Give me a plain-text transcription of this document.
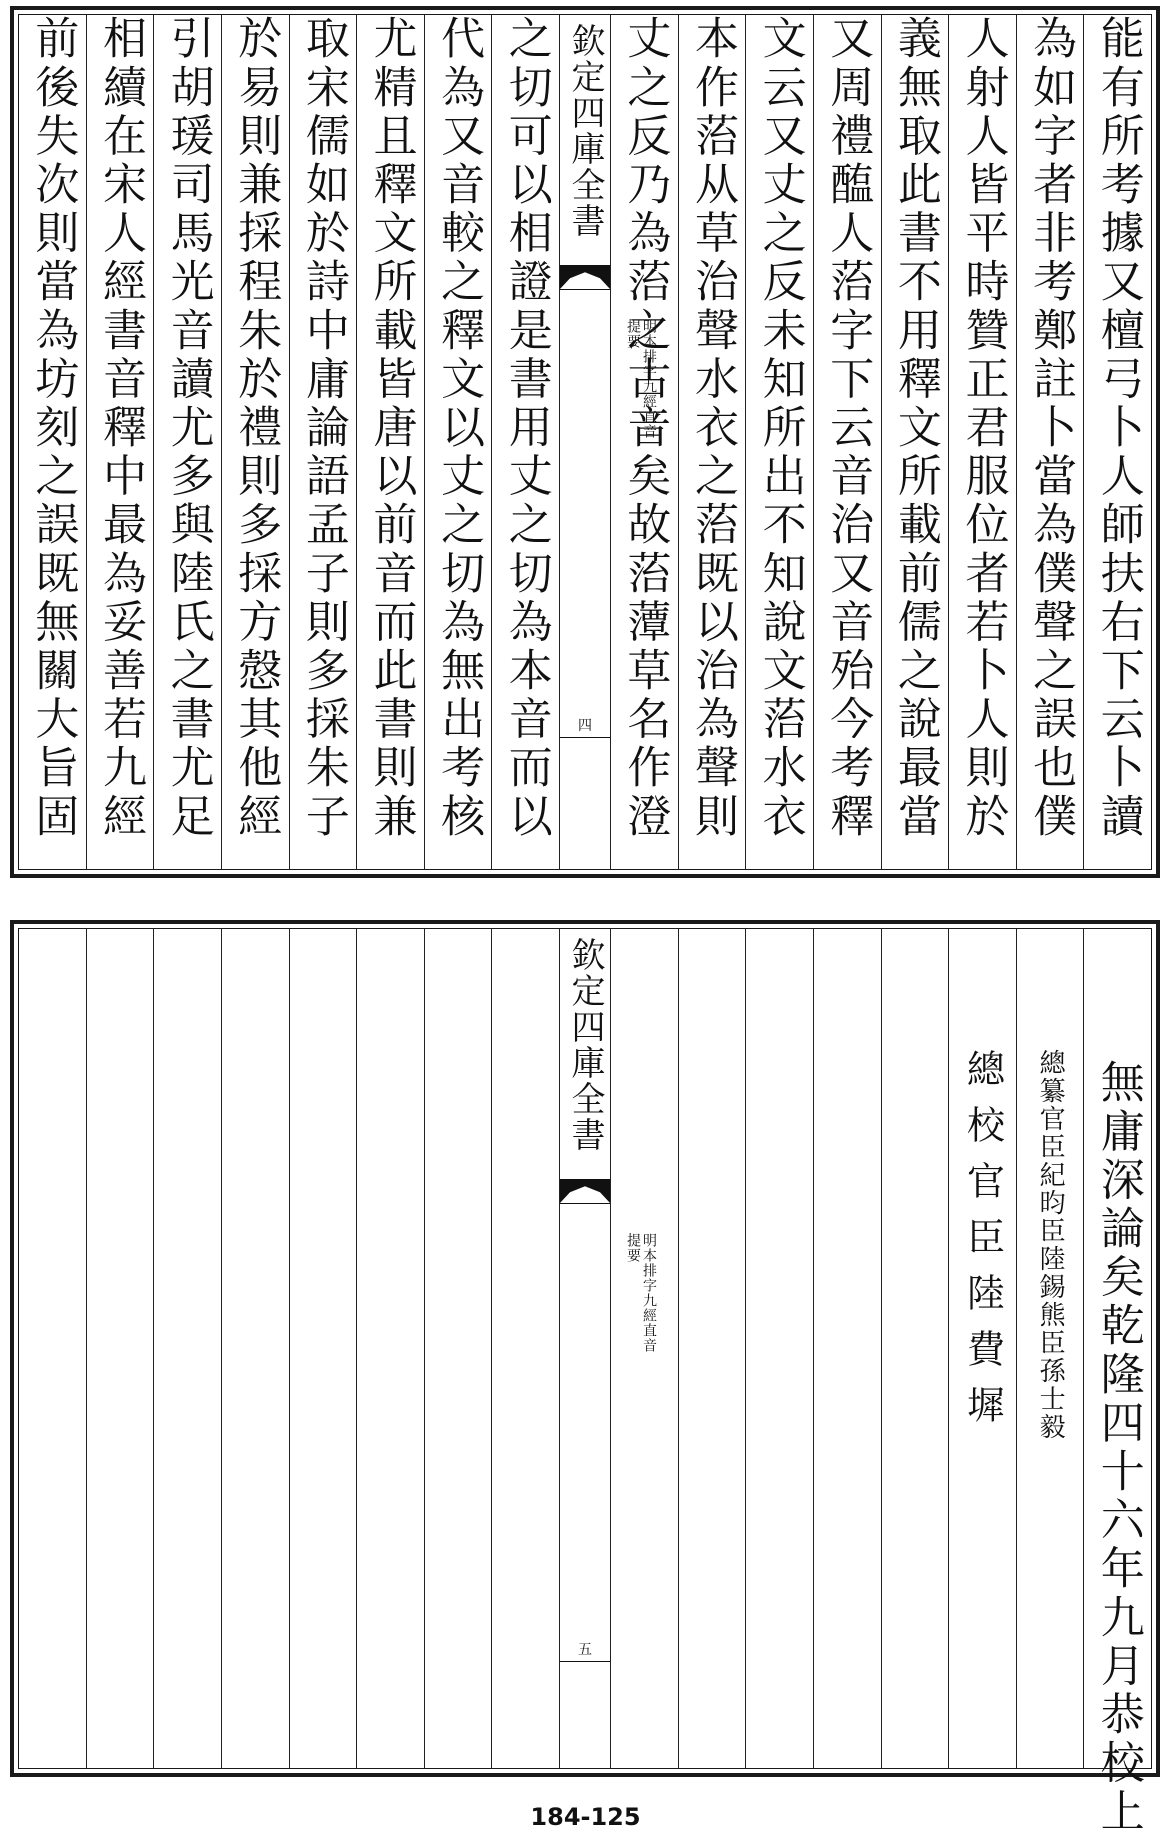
前後失次則當為坊刻之誤既無關大旨固 相續在宋人經書音釋中最為妥善若九經 引胡瑗司馬光音讀尤多與陸氏之書尤足 於易則兼採程朱於禮則多採方慤其他經 取宋儒如於詩中庸論語孟子則多採朱子 尤精且釋文所載皆唐以前音而此書則兼 代為又音較之釋文以丈之切為無出考核 之切可以相證是書用丈之切為本音而以 欽定四庫全書
明本排字九經直音
提要
四 丈之反乃為菭之古音矣故菭藫草名作澄 本作菭从草治聲水衣之菭既以治為聲則 文云又丈之反未知所出不知說文菭水衣 又周禮醢人菭字下云音治又音殆今考釋 義無取此書不用釋文所載前儒之說最當 人射人皆平時贊正君服位者若卜人則於 為如字者非考鄭註卜當為僕聲之誤也僕 能有所考據又檀弓卜人師扶右下云卜讀
欽定四庫全書
明本排字九經直音
提要
五
總校官臣陸費墀 總纂官臣紀昀臣陸錫熊臣孫士毅 無庸深論矣乾隆四十六年九月恭校上
184-125
